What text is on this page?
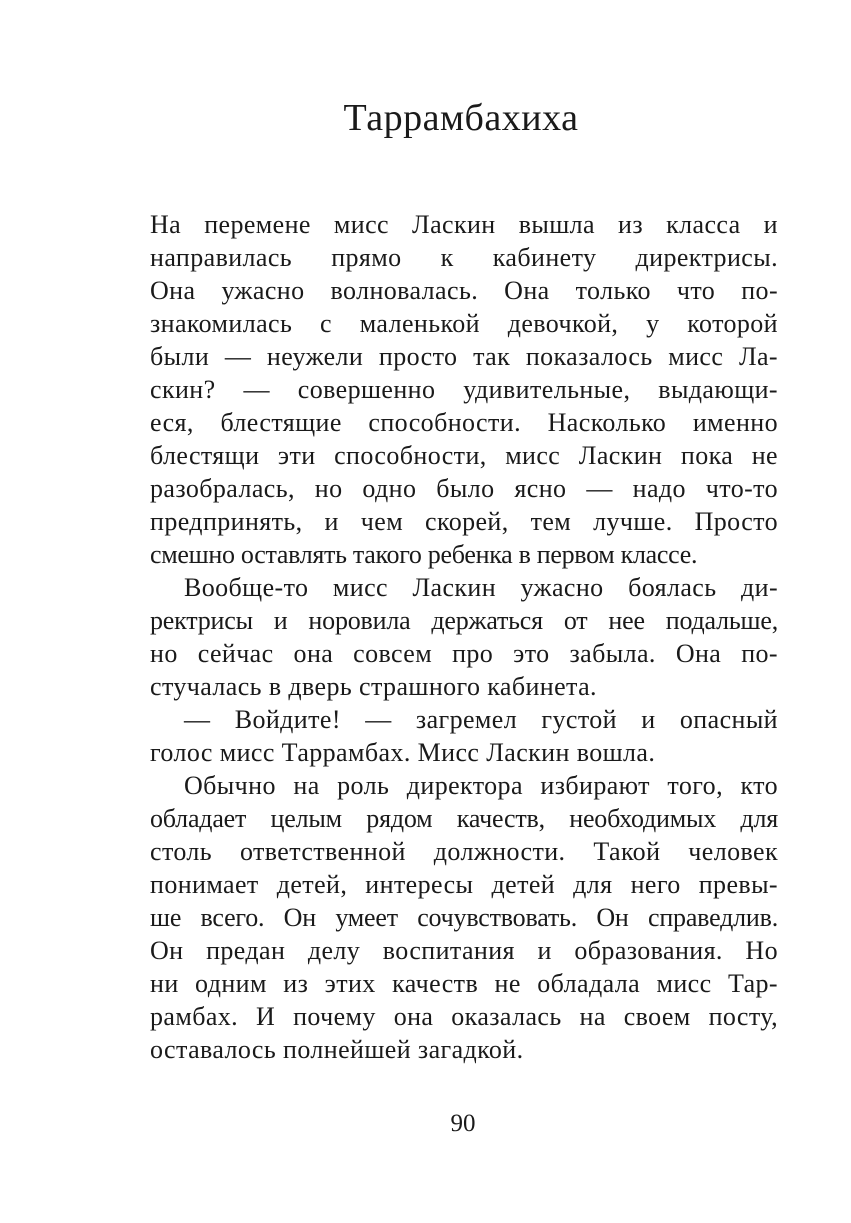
Таррамбахиха
На перемене мисс Ласкин вышла из класса и
направилась прямо к кабинету директрисы.
Она ужасно волновалась. Она только что по-
знакомилась с маленькой девочкой, у которой
были — неужели просто так показалось мисс Ла-
скин? — совершенно удивительные, выдающи-
еся, блестящие способности. Насколько именно
блестящи эти способности, мисс Ласкин пока не
разобралась, но одно было ясно — надо что-то
предпринять, и чем скорей, тем лучше. Просто
смешно оставлять такого ребенка в первом классе.
Вообще-то мисс Ласкин ужасно боялась ди-
ректрисы и норовила держаться от нее подальше,
но сейчас она совсем про это забыла. Она по-
стучалась в дверь страшного кабинета.
— Войдите! — загремел густой и опасный
голос мисс Таррамбах. Мисс Ласкин вошла.
Обычно на роль директора избирают того, кто
обладает целым рядом качеств, необходимых для
столь ответственной должности. Такой человек
понимает детей, интересы детей для него превы-
ше всего. Он умеет сочувствовать. Он справедлив.
Он предан делу воспитания и образования. Но
ни одним из этих качеств не обладала мисс Тар-
рамбах. И почему она оказалась на своем посту,
оставалось полнейшей загадкой.
90
